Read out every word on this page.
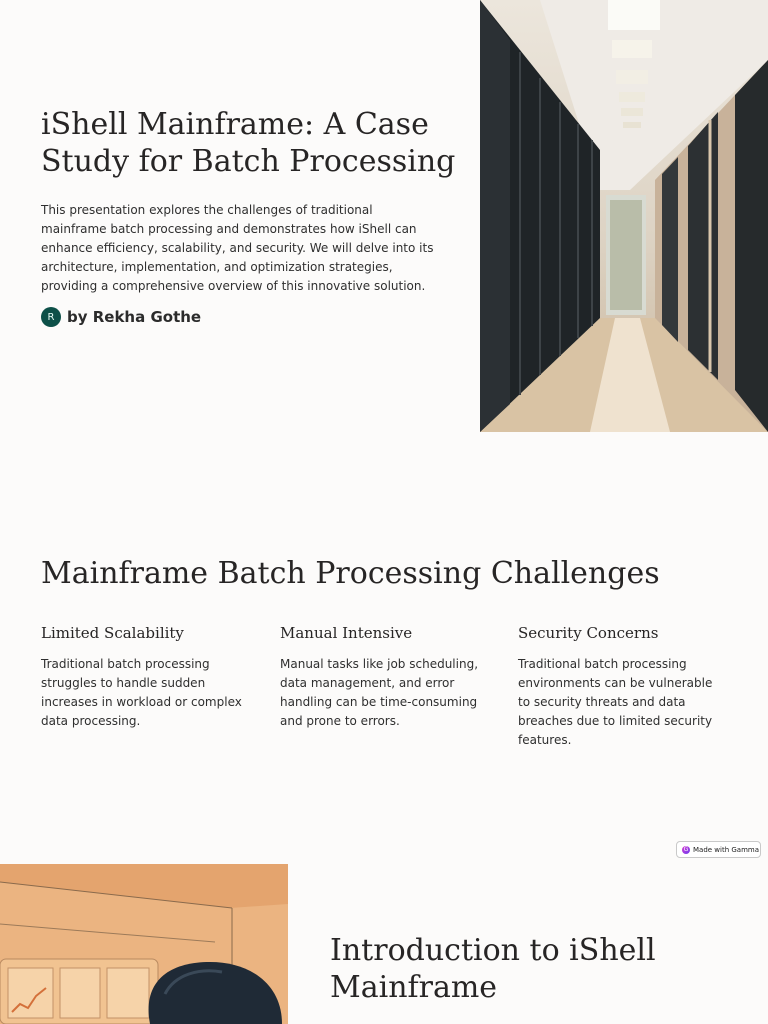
iShell Mainframe: A Case Study for Batch Processing

This presentation explores the challenges of traditional mainframe batch processing and demonstrates how iShell can enhance efficiency, scalability, and security. We will delve into its architecture, implementation, and optimization strategies, providing a comprehensive overview of this innovative solution.

R by Rekha Gothe
Mainframe Batch Processing Challenges
Limited Scalability

Traditional batch processing struggles to handle sudden increases in workload or complex data processing.

Manual Intensive

Manual tasks like job scheduling, data management, and error handling can be time-consuming and prone to errors.

Security Concerns

Traditional batch processing environments can be vulnerable to security threats and data breaches due to limited security features.

G Made with Gamma
Introduction to iShell Mainframe
